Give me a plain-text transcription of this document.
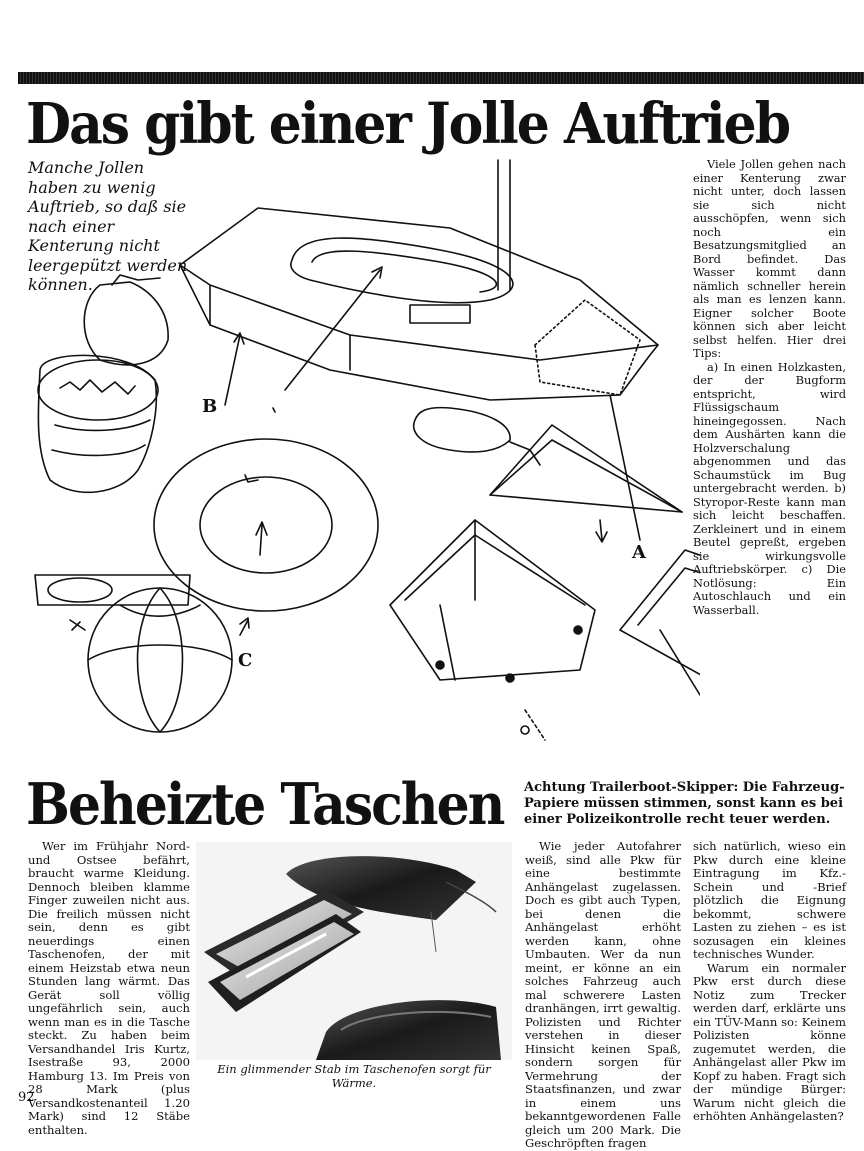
Das gibt einer Jolle Auftrieb
Manche Jollen haben zu wenig Auftrieb, so daß sie nach einer Kenterung nicht leergepützt werden können.

Viele Jollen gehen nach einer Kenterung zwar nicht unter, doch lassen sie sich nicht ausschöpfen, wenn sich noch ein Besatzungsmitglied an Bord befindet. Das Wasser kommt dann nämlich schneller herein als man es lenzen kann. Eigner solcher Boote können sich aber leicht selbst helfen. Hier drei Tips:

a) In einen Holzkasten, der der Bugform entspricht, wird Flüssigschaum hineingegossen. Nach dem Aushärten kann die Holzverschalung abgenommen und das Schaumstück im Bug untergebracht werden. b) Styropor-Reste kann man sich leicht beschaffen. Zerkleinert und in einem Beutel gepreßt, ergeben sie wirkungsvolle Auftriebskörper. c) Die Notlösung: Ein Autoschlauch und ein Wasserball.

B
A
C
Beheizte Taschen Achtung Trailerboot-Skipper: Die Fahrzeug-Papiere müssen stimmen, sonst kann es bei einer Polizeikontrolle recht teuer werden.

Wer im Frühjahr Nord- und Ostsee befährt, braucht warme Kleidung. Dennoch bleiben klamme Finger zuweilen nicht aus. Die freilich müssen nicht sein, denn es gibt neuerdings einen Taschenofen, der mit einem Heizstab etwa neun Stunden lang wärmt. Das Gerät soll völlig ungefährlich sein, auch wenn man es in die Tasche steckt. Zu haben beim Versandhandel Iris Kurtz, Isestraße 93, 2000 Hamburg 13. Im Preis von 28 Mark (plus Versandkostenanteil 1.20 Mark) sind 12 Stäbe enthalten.

Ein glimmender Stab im Taschenofen sorgt für Wärme.

Wie jeder Autofahrer weiß, sind alle Pkw für eine bestimmte Anhängelast zugelassen. Doch es gibt auch Typen, bei denen die Anhängelast erhöht werden kann, ohne Umbauten. Wer da nun meint, er könne an ein solches Fahrzeug auch mal schwerere Lasten dranhängen, irrt gewaltig. Polizisten und Richter verstehen in dieser Hinsicht keinen Spaß, sondern sorgen für Vermehrung der Staatsfinanzen, und zwar in einem uns bekanntgewordenen Falle gleich um 200 Mark. Die Geschröpften fragen

sich natürlich, wieso ein Pkw durch eine kleine Eintragung im Kfz.-Schein und -Brief plötzlich die Eignung bekommt, schwere Lasten zu ziehen – es ist sozusagen ein kleines technisches Wunder.

Warum ein normaler Pkw erst durch diese Notiz zum Trecker werden darf, erklärte uns ein TÜV-Mann so: Keinem Polizisten könne zugemutet werden, die Anhängelast aller Pkw im Kopf zu haben. Fragt sich der mündige Bürger: Warum nicht gleich die erhöhten Anhängelasten?

92
